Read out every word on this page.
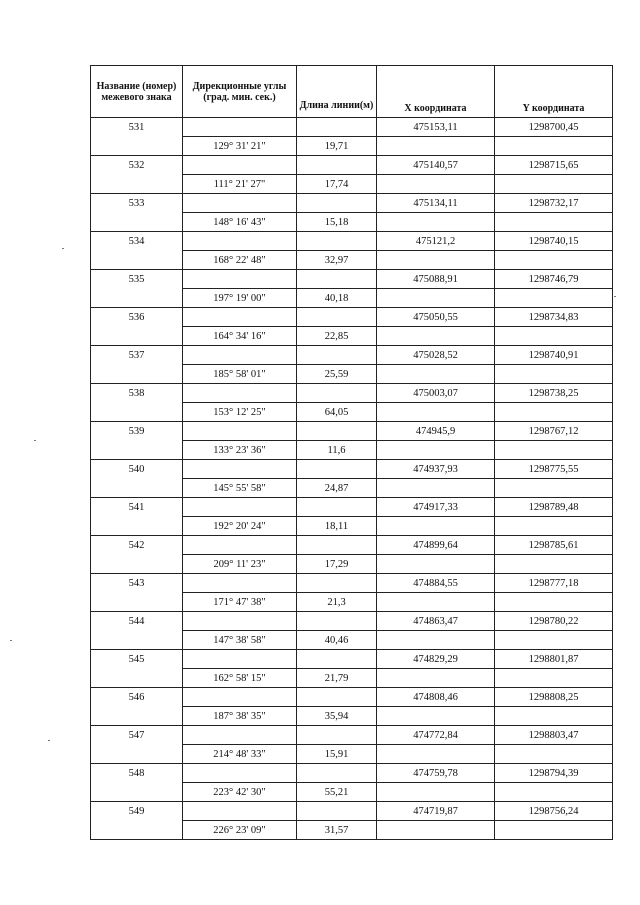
Название (номер) межевого знака	Дирекционные углы (град. мин. сек.)	Длина линии(м)	X координата	Y координата
531			475153,11	1298700,45
	129° 31' 21"	19,71		
532			475140,57	1298715,65
	111° 21' 27"	17,74		
533			475134,11	1298732,17
	148° 16' 43"	15,18		
534			475121,2	1298740,15
	168° 22' 48"	32,97		
535			475088,91	1298746,79
	197° 19' 00"	40,18		
536			475050,55	1298734,83
	164° 34' 16"	22,85		
537			475028,52	1298740,91
	185° 58' 01"	25,59		
538			475003,07	1298738,25
	153° 12' 25"	64,05		
539			474945,9	1298767,12
	133° 23' 36"	11,6		
540			474937,93	1298775,55
	145° 55' 58"	24,87		
541			474917,33	1298789,48
	192° 20' 24"	18,11		
542			474899,64	1298785,61
	209° 11' 23"	17,29		
543			474884,55	1298777,18
	171° 47' 38"	21,3		
544			474863,47	1298780,22
	147° 38' 58"	40,46		
545			474829,29	1298801,87
	162° 58' 15"	21,79		
546			474808,46	1298808,25
	187° 38' 35"	35,94		
547			474772,84	1298803,47
	214° 48' 33"	15,91		
548			474759,78	1298794,39
	223° 42' 30"	55,21		
549			474719,87	1298756,24
	226° 23' 09"	31,57		
